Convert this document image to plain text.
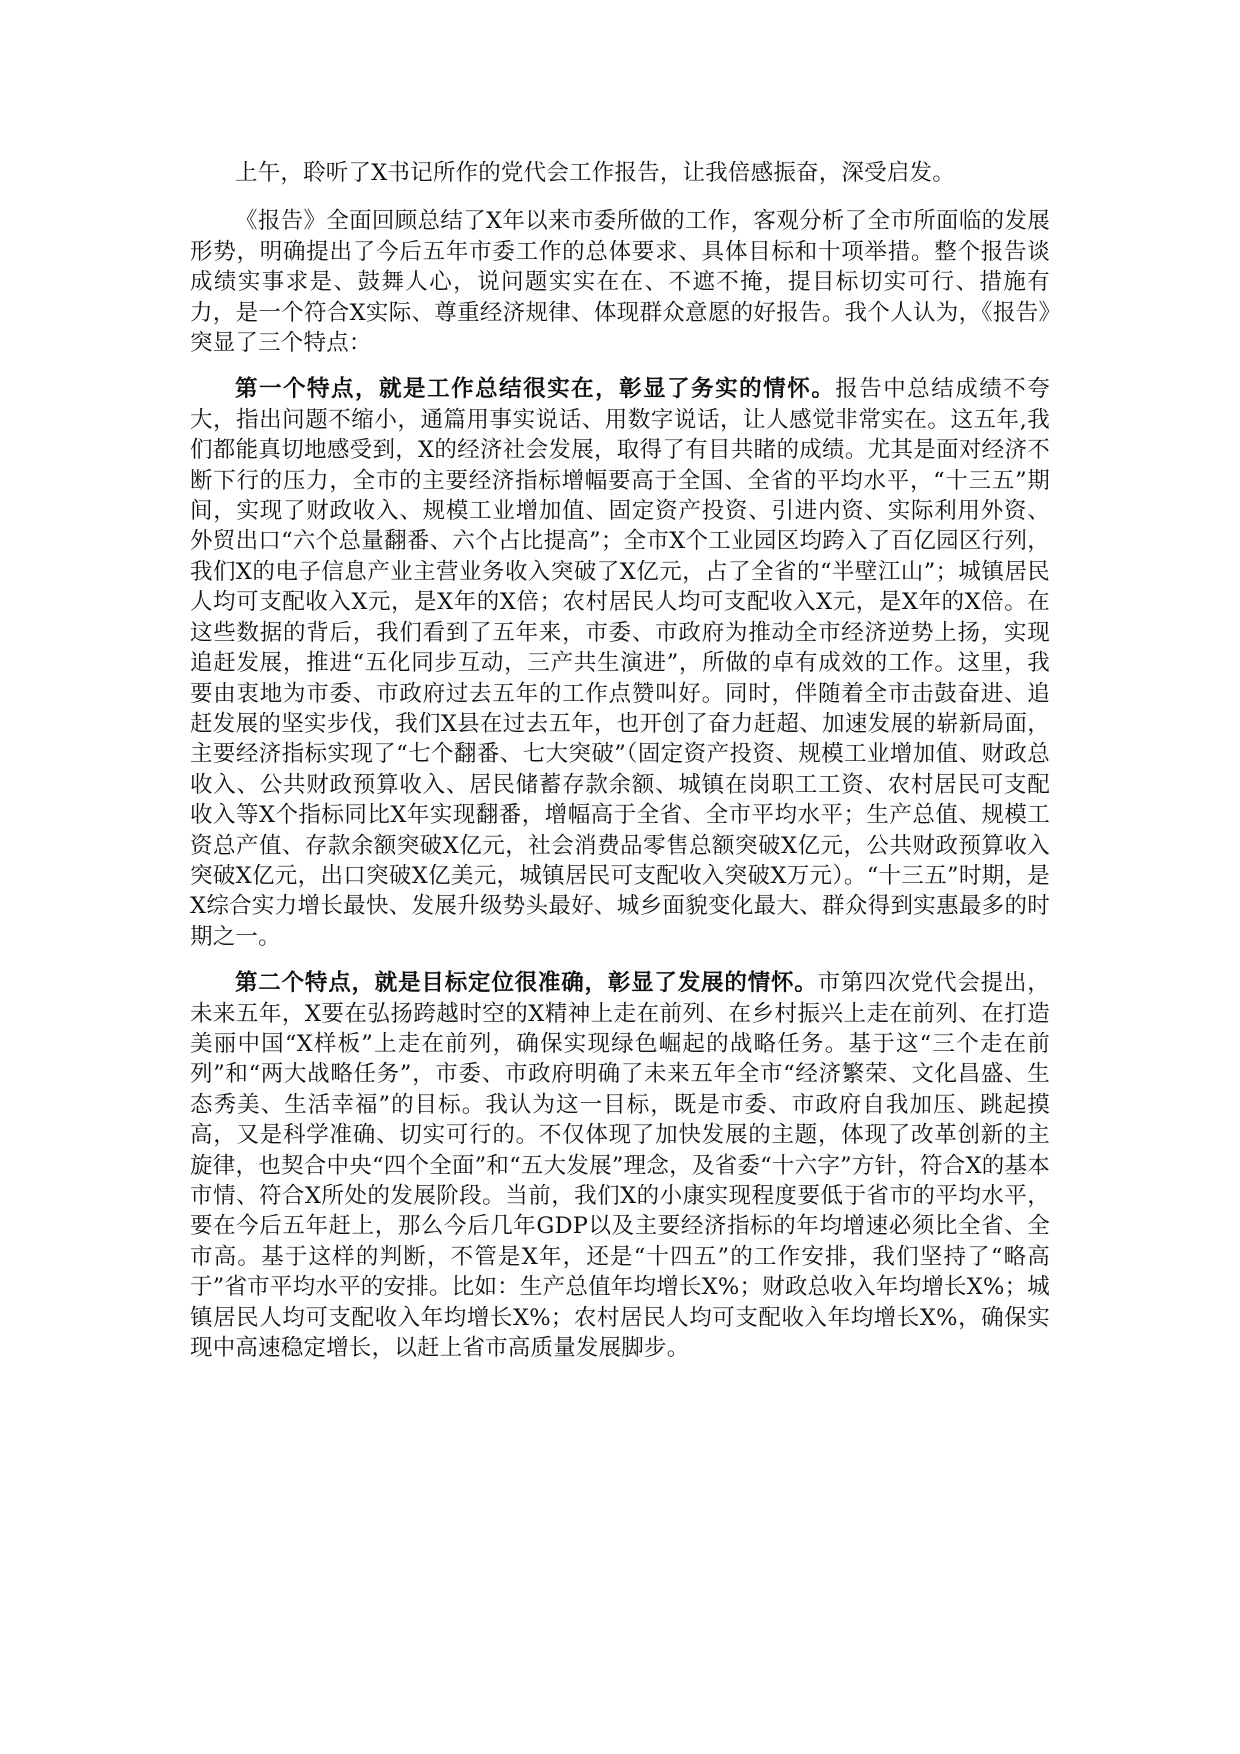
上午，聆听了X书记所作的党代会工作报告，让我倍感振奋，深受启发。

《报告》全面回顾总结了X年以来市委所做的工作，客观分析了全市所面临的发展形势，明确提出了今后五年市委工作的总体要求、具体目标和十项举措。整个报告谈成绩实事求是、鼓舞人心，说问题实实在在、不遮不掩，提目标切实可行、措施有力，是一个符合X实际、尊重经济规律、体现群众意愿的好报告。我个人认为，《报告》突显了三个特点：

第一个特点，就是工作总结很实在，彰显了务实的情怀。报告中总结成绩不夸大，指出问题不缩小，通篇用事实说话、用数字说话，让人感觉非常实在。这五年,我们都能真切地感受到，X的经济社会发展，取得了有目共睹的成绩。尤其是面对经济不断下行的压力，全市的主要经济指标增幅要高于全国、全省的平均水平，“十三五”期间，实现了财政收入、规模工业增加值、固定资产投资、引进内资、实际利用外资、外贸出口“六个总量翻番、六个占比提高”；全市X个工业园区均跨入了百亿园区行列，我们X的电子信息产业主营业务收入突破了X亿元，占了全省的“半壁江山”；城镇居民人均可支配收入X元，是X年的X倍；农村居民人均可支配收入X元，是X年的X倍。在这些数据的背后，我们看到了五年来，市委、市政府为推动全市经济逆势上扬，实现追赶发展，推进“五化同步互动，三产共生演进”，所做的卓有成效的工作。这里，我要由衷地为市委、市政府过去五年的工作点赞叫好。同时，伴随着全市击鼓奋进、追赶发展的坚实步伐，我们X县在过去五年，也开创了奋力赶超、加速发展的崭新局面，主要经济指标实现了“七个翻番、七大突破”（固定资产投资、规模工业增加值、财政总收入、公共财政预算收入、居民储蓄存款余额、城镇在岗职工工资、农村居民可支配收入等X个指标同比X年实现翻番，增幅高于全省、全市平均水平；生产总值、规模工资总产值、存款余额突破X亿元，社会消费品零售总额突破X亿元，公共财政预算收入突破X亿元，出口突破X亿美元，城镇居民可支配收入突破X万元）。“十三五”时期，是X综合实力增长最快、发展升级势头最好、城乡面貌变化最大、群众得到实惠最多的时期之一。

第二个特点，就是目标定位很准确，彰显了发展的情怀。市第四次党代会提出，未来五年，X要在弘扬跨越时空的X精神上走在前列、在乡村振兴上走在前列、在打造美丽中国“X样板”上走在前列，确保实现绿色崛起的战略任务。基于这“三个走在前列”和“两大战略任务”，市委、市政府明确了未来五年全市“经济繁荣、文化昌盛、生态秀美、生活幸福”的目标。我认为这一目标，既是市委、市政府自我加压、跳起摸高，又是科学准确、切实可行的。不仅体现了加快发展的主题，体现了改革创新的主旋律，也契合中央“四个全面”和“五大发展”理念，及省委“十六字”方针，符合X的基本市情、符合X所处的发展阶段。当前，我们X的小康实现程度要低于省市的平均水平，要在今后五年赶上，那么今后几年GDP以及主要经济指标的年均增速必须比全省、全市高。基于这样的判断，不管是X年，还是“十四五”的工作安排，我们坚持了“略高于”省市平均水平的安排。比如：生产总值年均增长X%；财政总收入年均增长X%；城镇居民人均可支配收入年均增长X%；农村居民人均可支配收入年均增长X%，确保实现中高速稳定增长，以赶上省市高质量发展脚步。
